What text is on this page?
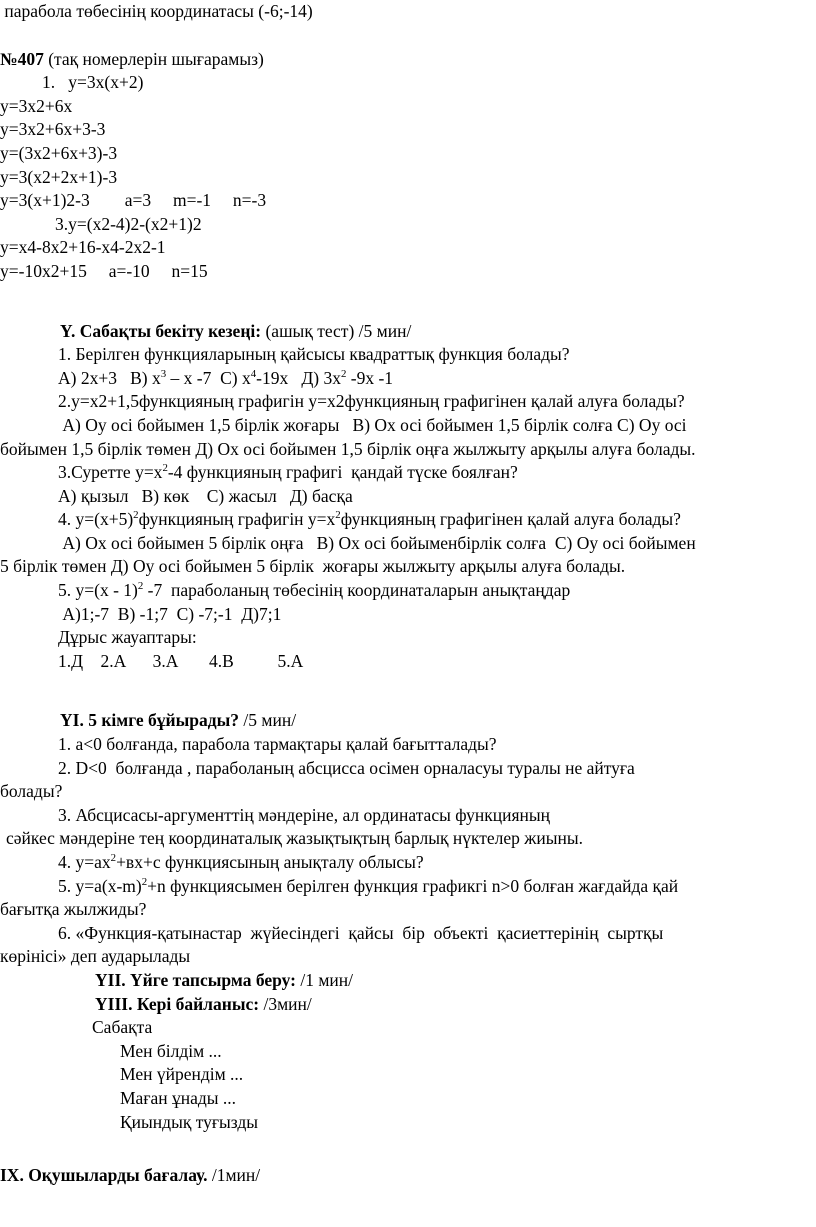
парабола төбесінің координатасы (-6;-14)

№407 (тақ номерлерін шығарамыз)

1. y=3x(x+2)

y=3x2+6x

y=3x2+6x+3-3

y=(3x2+6x+3)-3

y=3(x2+2x+1)-3

y=3(x+1)2-3        a=3     m=-1     n=-3

3.y=(x2-4)2-(x2+1)2

y=x4-8x2+16-x4-2x2-1

y=-10x2+15     a=-10     n=15

Y. Сабақты бекіту кезеңі: (ашық тест) /5 мин/

1. Берілген функцияларының қайсысы квадраттық функция болады?

А) 2x+3   В) $x^3$ – x -7  С) $x^4-19x$   Д) $3x^2$ -9x -1

2.y=x2+1,5функцияның графигін y=x2функцияның графигінен қалай алуға болады?

А) Оу осі бойымен 1,5 бірлік жоғары   В) Ох осі бойымен 1,5 бірлік солға С) Оу осі

бойымен 1,5 бірлік төмен Д) Ох осі бойымен 1,5 бірлік оңға жылжыту арқылы алуға болады.

3.Суретте $y=x^2-4$ функцияның графигі  қандай түске боялған?

А) қызыл   В) көк    С) жасыл   Д) басқа

4. $y=(x+5)^2функцияның$ графигін $y=x^2функцияның$ графигінен қалай алуға болады?

А) Ох осі бойымен 5 бірлік оңға   В) Ох осі бойыменбірлік солға  С) Оу осі бойымен

5 бірлік төмен Д) Оу осі бойымен 5 бірлік  жоғары жылжыту арқылы алуға болады.

5. y=(x - 1)$^2$ -7  параболаның төбесінің координаталарын анықтаңдар

А)1;-7  В) -1;7  С) -7;-1  Д)7;1

Дұрыс жауаптары:

1.Д    2.А      3.А       4.В          5.А

YI. 5 кімге бұйырады? /5 мин/

1. a<0 болғанда, парабола тармақтары қалай бағытталады?

2. D<0  болғанда , параболаның абсцисса осімен орналасуы туралы не айтуға

болады?

3. Абсцисасы-аргументтің мәндеріне, ал ординатасы функцияның

сәйкес мәндеріне тең координаталық жазықтықтың барлық нүктелер жиыны.

4. $y=ax^2+вx+c$ функциясының анықталу облысы?

5. $y=a(x-m)^2+n$ функциясымен берілген функция графикгі n>0 болған жағдайда қай

бағытқа жылжиды?

6. «Функция-қатынастар  жүйесіндегі  қайсы  бір  объекті  қасиеттерінің  сыртқы

көрінісі» деп аударылады

YII. Үйге тапсырма беру: /1 мин/

YIII. Кері байланыс: /3мин/

Сабақта

Мен білдім ...

Мен үйрендім ...

Маған ұнады ...

Қиындық туғызды

IX. Оқушыларды бағалау. /1мин/
